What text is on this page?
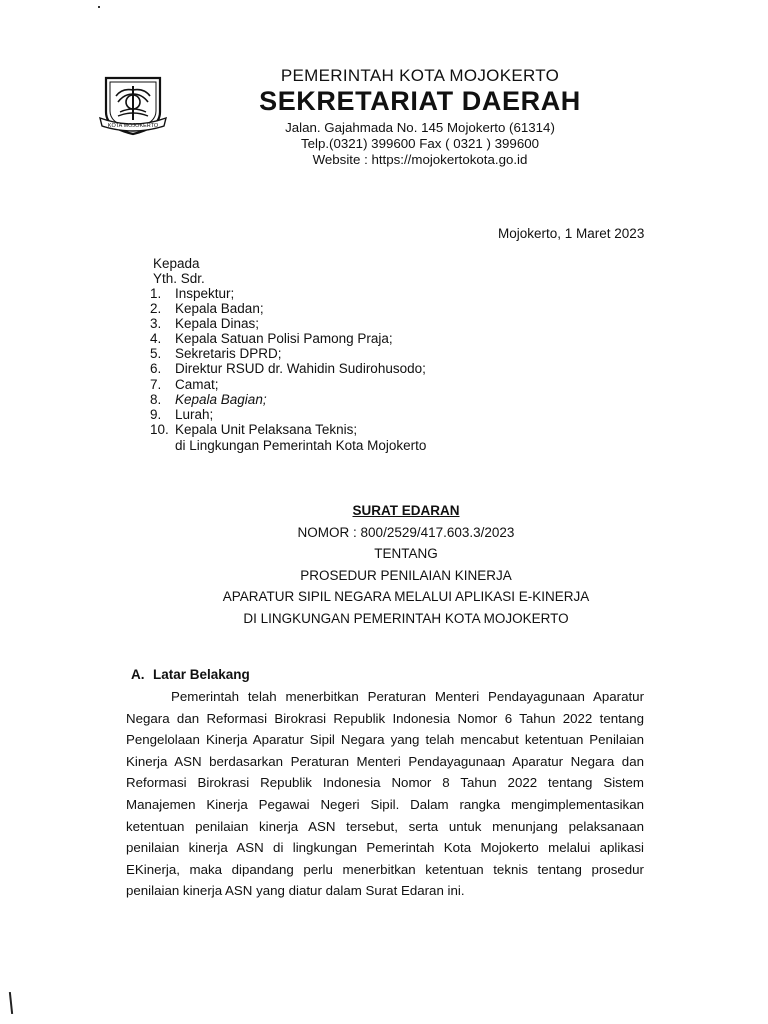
KOTA MOJOKERTO
PEMERINTAH KOTA MOJOKERTO
SEKRETARIAT DAERAH
Jalan. Gajahmada No. 145 Mojokerto (61314)
Telp.(0321) 399600 Fax ( 0321 ) 399600
Website : https://mojokertokota.go.id
Mojokerto, 1 Maret 2023
Kepada
Yth. Sdr.
1. Inspektur;
2. Kepala Badan;
3. Kepala Dinas;
4. Kepala Satuan Polisi Pamong Praja;
5. Sekretaris DPRD;
6. Direktur RSUD dr. Wahidin Sudirohusodo;
7. Camat;
8. Kepala Bagian;
9. Lurah;
10. Kepala Unit Pelaksana Teknis;
di Lingkungan Pemerintah Kota Mojokerto
SURAT EDARAN
NOMOR : 800/2529/417.603.3/2023
TENTANG
PROSEDUR PENILAIAN KINERJA
APARATUR SIPIL NEGARA MELALUI APLIKASI E-KINERJA
DI LINGKUNGAN PEMERINTAH KOTA MOJOKERTO
A. Latar Belakang
Pemerintah telah menerbitkan Peraturan Menteri Pendayagunaan Aparatur Negara dan Reformasi Birokrasi Republik Indonesia Nomor 6 Tahun 2022 tentang Pengelolaan Kinerja Aparatur Sipil Negara yang telah mencabut ketentuan Penilaian Kinerja ASN berdasarkan Peraturan Menteri Pendayagunaan Aparatur Negara dan Reformasi Birokrasi Republik Indonesia Nomor 8 Tahun 2022 tentang Sistem Manajemen Kinerja Pegawai Negeri Sipil. Dalam rangka mengimplementasikan ketentuan penilaian kinerja ASN tersebut, serta untuk menunjang pelaksanaan penilaian kinerja ASN di lingkungan Pemerintah Kota Mojokerto melalui aplikasi EKinerja, maka dipandang perlu menerbitkan ketentuan teknis tentang prosedur penilaian kinerja ASN yang diatur dalam Surat Edaran ini.
